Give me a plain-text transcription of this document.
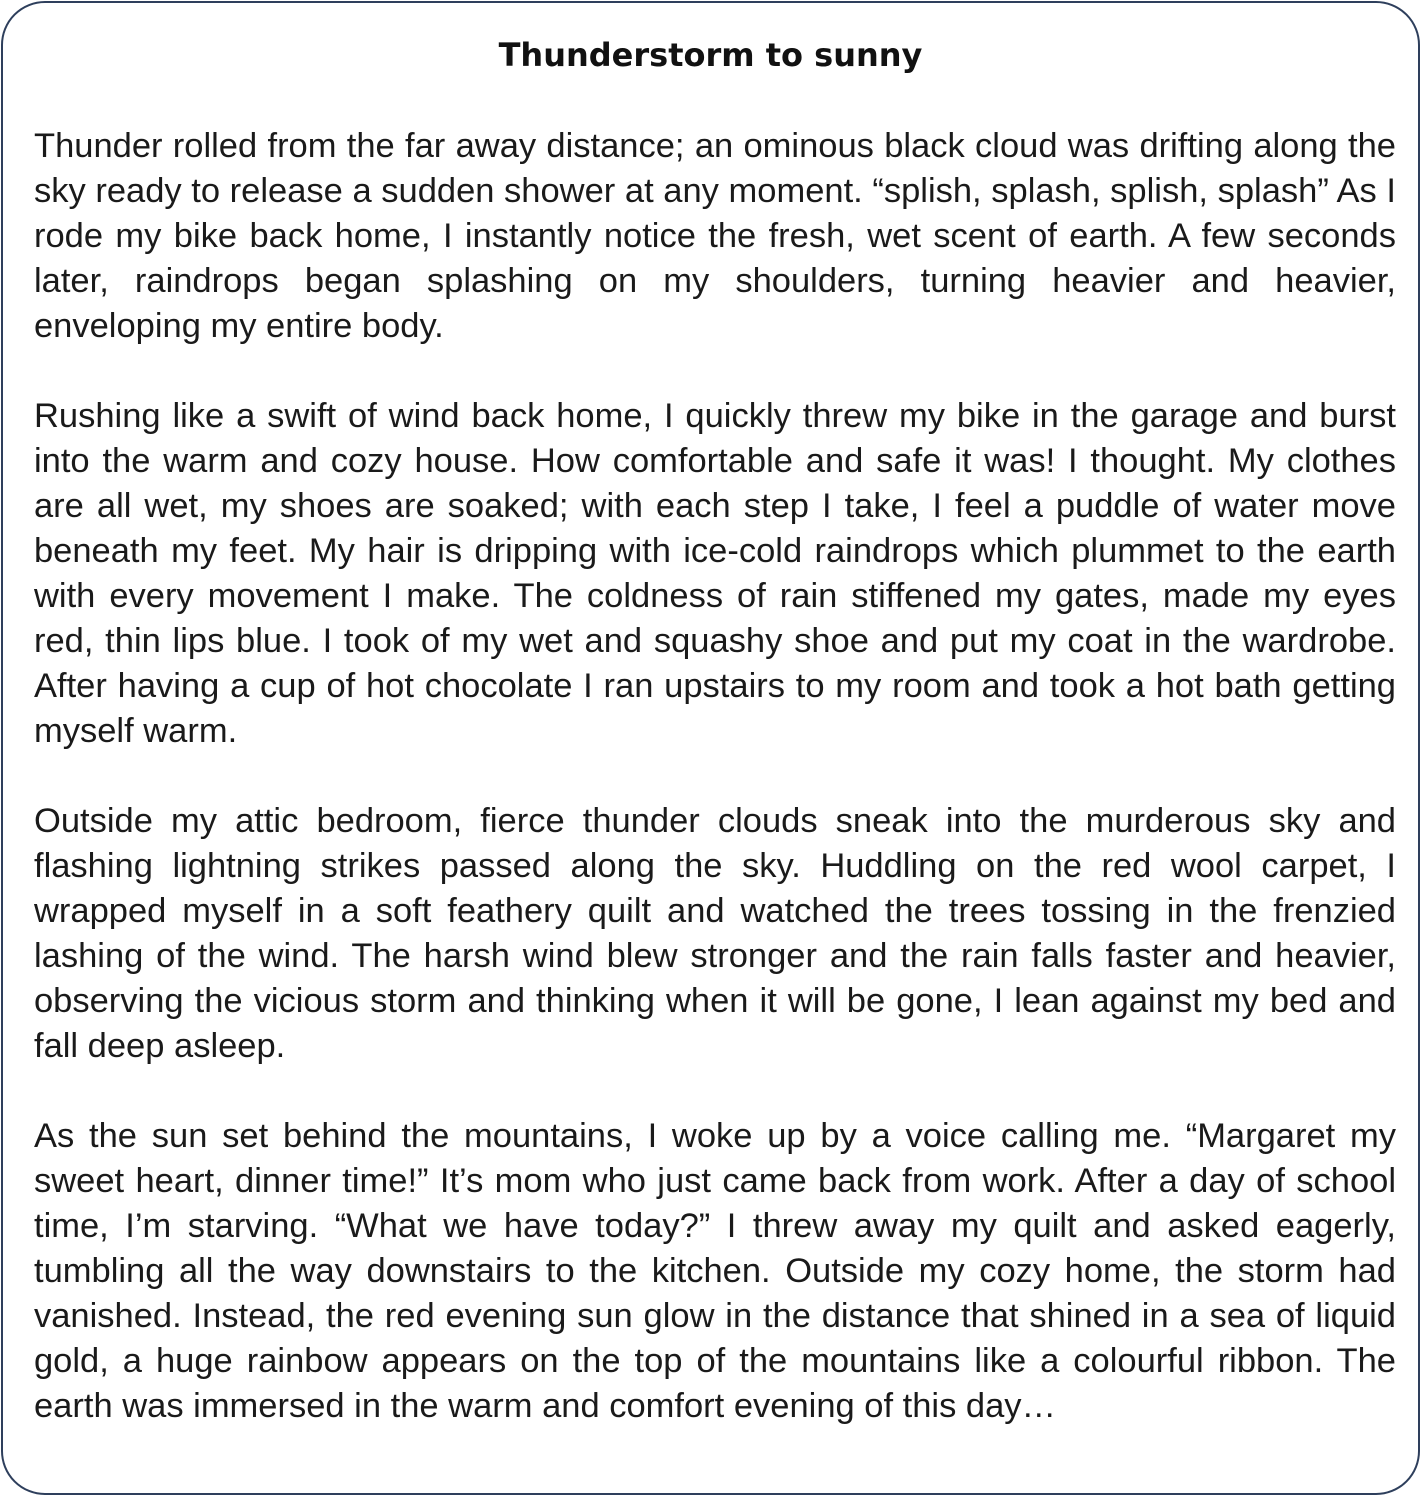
Thunderstorm to sunny

Thunder rolled from the far away distance; an ominous black cloud was drifting along the sky ready to release a sudden shower at any moment. “splish, splash, splish, splash” As I rode my bike back home, I instantly notice the fresh, wet scent of earth. A few seconds later, raindrops began splashing on my shoulders, turning heavier and heavier, enveloping my entire body.

Rushing like a swift of wind back home, I quickly threw my bike in the garage and burst into the warm and cozy house. How comfortable and safe it was! I thought. My clothes are all wet, my shoes are soaked; with each step I take, I feel a puddle of water move beneath my feet. My hair is dripping with ice-cold raindrops which plummet to the earth with every movement I make. The coldness of rain stiffened my gates, made my eyes red, thin lips blue. I took of my wet and squashy shoe and put my coat in the wardrobe. After having a cup of hot chocolate I ran upstairs to my room and took a hot bath getting myself warm.

Outside my attic bedroom, fierce thunder clouds sneak into the murderous sky and flashing lightning strikes passed along the sky. Huddling on the red wool carpet, I wrapped myself in a soft feathery quilt and watched the trees tossing in the frenzied lashing of the wind. The harsh wind blew stronger and the rain falls faster and heavier, observing the vicious storm and thinking when it will be gone, I lean against my bed and fall deep asleep.

As the sun set behind the mountains, I woke up by a voice calling me. “Margaret my sweet heart, dinner time!” It’s mom who just came back from work. After a day of school time, I’m starving. “What we have today?” I threw away my quilt and asked eagerly, tumbling all the way downstairs to the kitchen. Outside my cozy home, the storm had vanished. Instead, the red evening sun glow in the distance that shined in a sea of liquid gold, a huge rainbow appears on the top of the mountains like a colourful ribbon. The earth was immersed in the warm and comfort evening of this day…
